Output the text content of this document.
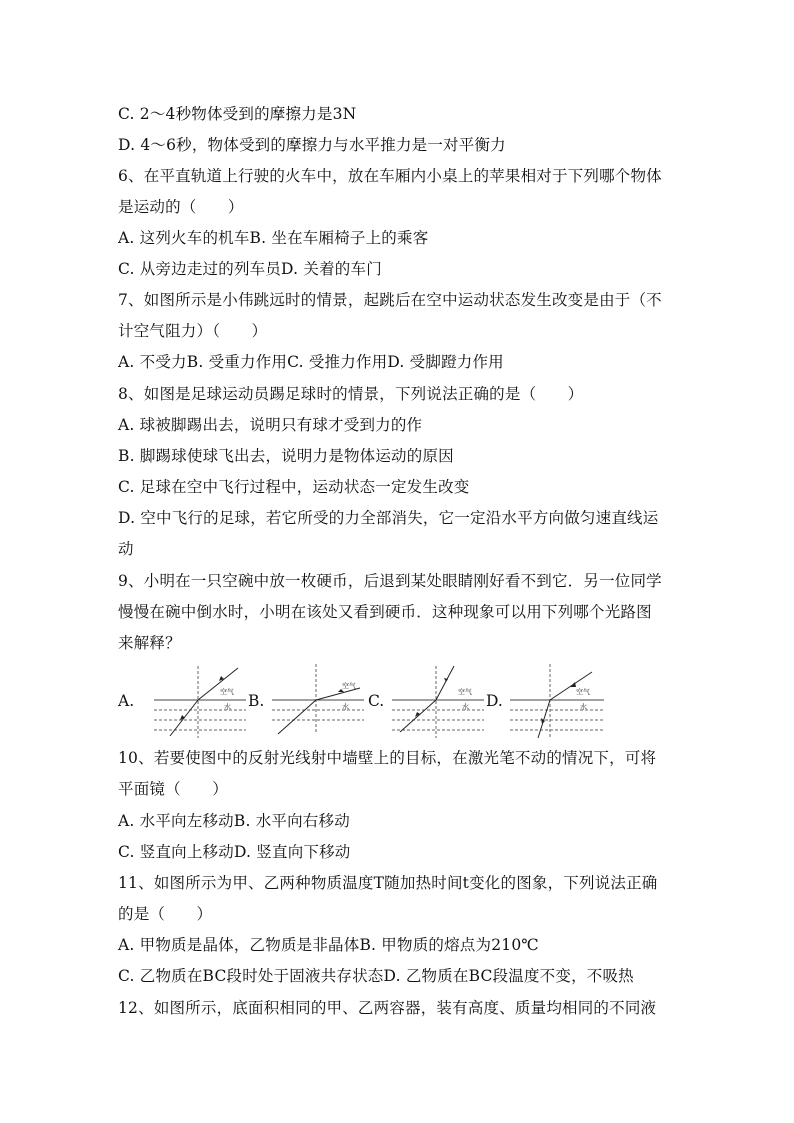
C. 2～4秒物体受到的摩擦力是3N
D. 4～6秒，物体受到的摩擦力与水平推力是一对平衡力
6、在平直轨道上行驶的火车中，放在车厢内小桌上的苹果相对于下列哪个物体
是运动的（　　）
A. 这列火车的机车B. 坐在车厢椅子上的乘客
C. 从旁边走过的列车员D. 关着的车门
7、如图所示是小伟跳远时的情景，起跳后在空中运动状态发生改变是由于（不
计空气阻力）（　　）
A. 不受力B. 受重力作用C. 受推力作用D. 受脚蹬力作用
8、如图是足球运动员踢足球时的情景，下列说法正确的是（　　）
A. 球被脚踢出去，说明只有球才受到力的作
B. 脚踢球使球飞出去，说明力是物体运动的原因
C. 足球在空中飞行过程中，运动状态一定发生改变
D. 空中飞行的足球，若它所受的力全部消失，它一定沿水平方向做匀速直线运
动
9、小明在一只空碗中放一枚硬币，后退到某处眼睛刚好看不到它．另一位同学
慢慢在碗中倒水时，小明在该处又看到硬币．这种现象可以用下列哪个光路图
来解释？
A.	B.	C.	D.
空气
水
空气
水
空气
水
空气
水
10、若要使图中的反射光线射中墙壁上的目标，在激光笔不动的情况下，可将
平面镜（　　）
A. 水平向左移动B. 水平向右移动
C. 竖直向上移动D. 竖直向下移动
11、如图所示为甲、乙两种物质温度T随加热时间t变化的图象，下列说法正确
的是（　　）
A. 甲物质是晶体，乙物质是非晶体B. 甲物质的熔点为210℃
C. 乙物质在BC段时处于固液共存状态D. 乙物质在BC段温度不变，不吸热
12、如图所示，底面积相同的甲、乙两容器，装有高度、质量均相同的不同液
